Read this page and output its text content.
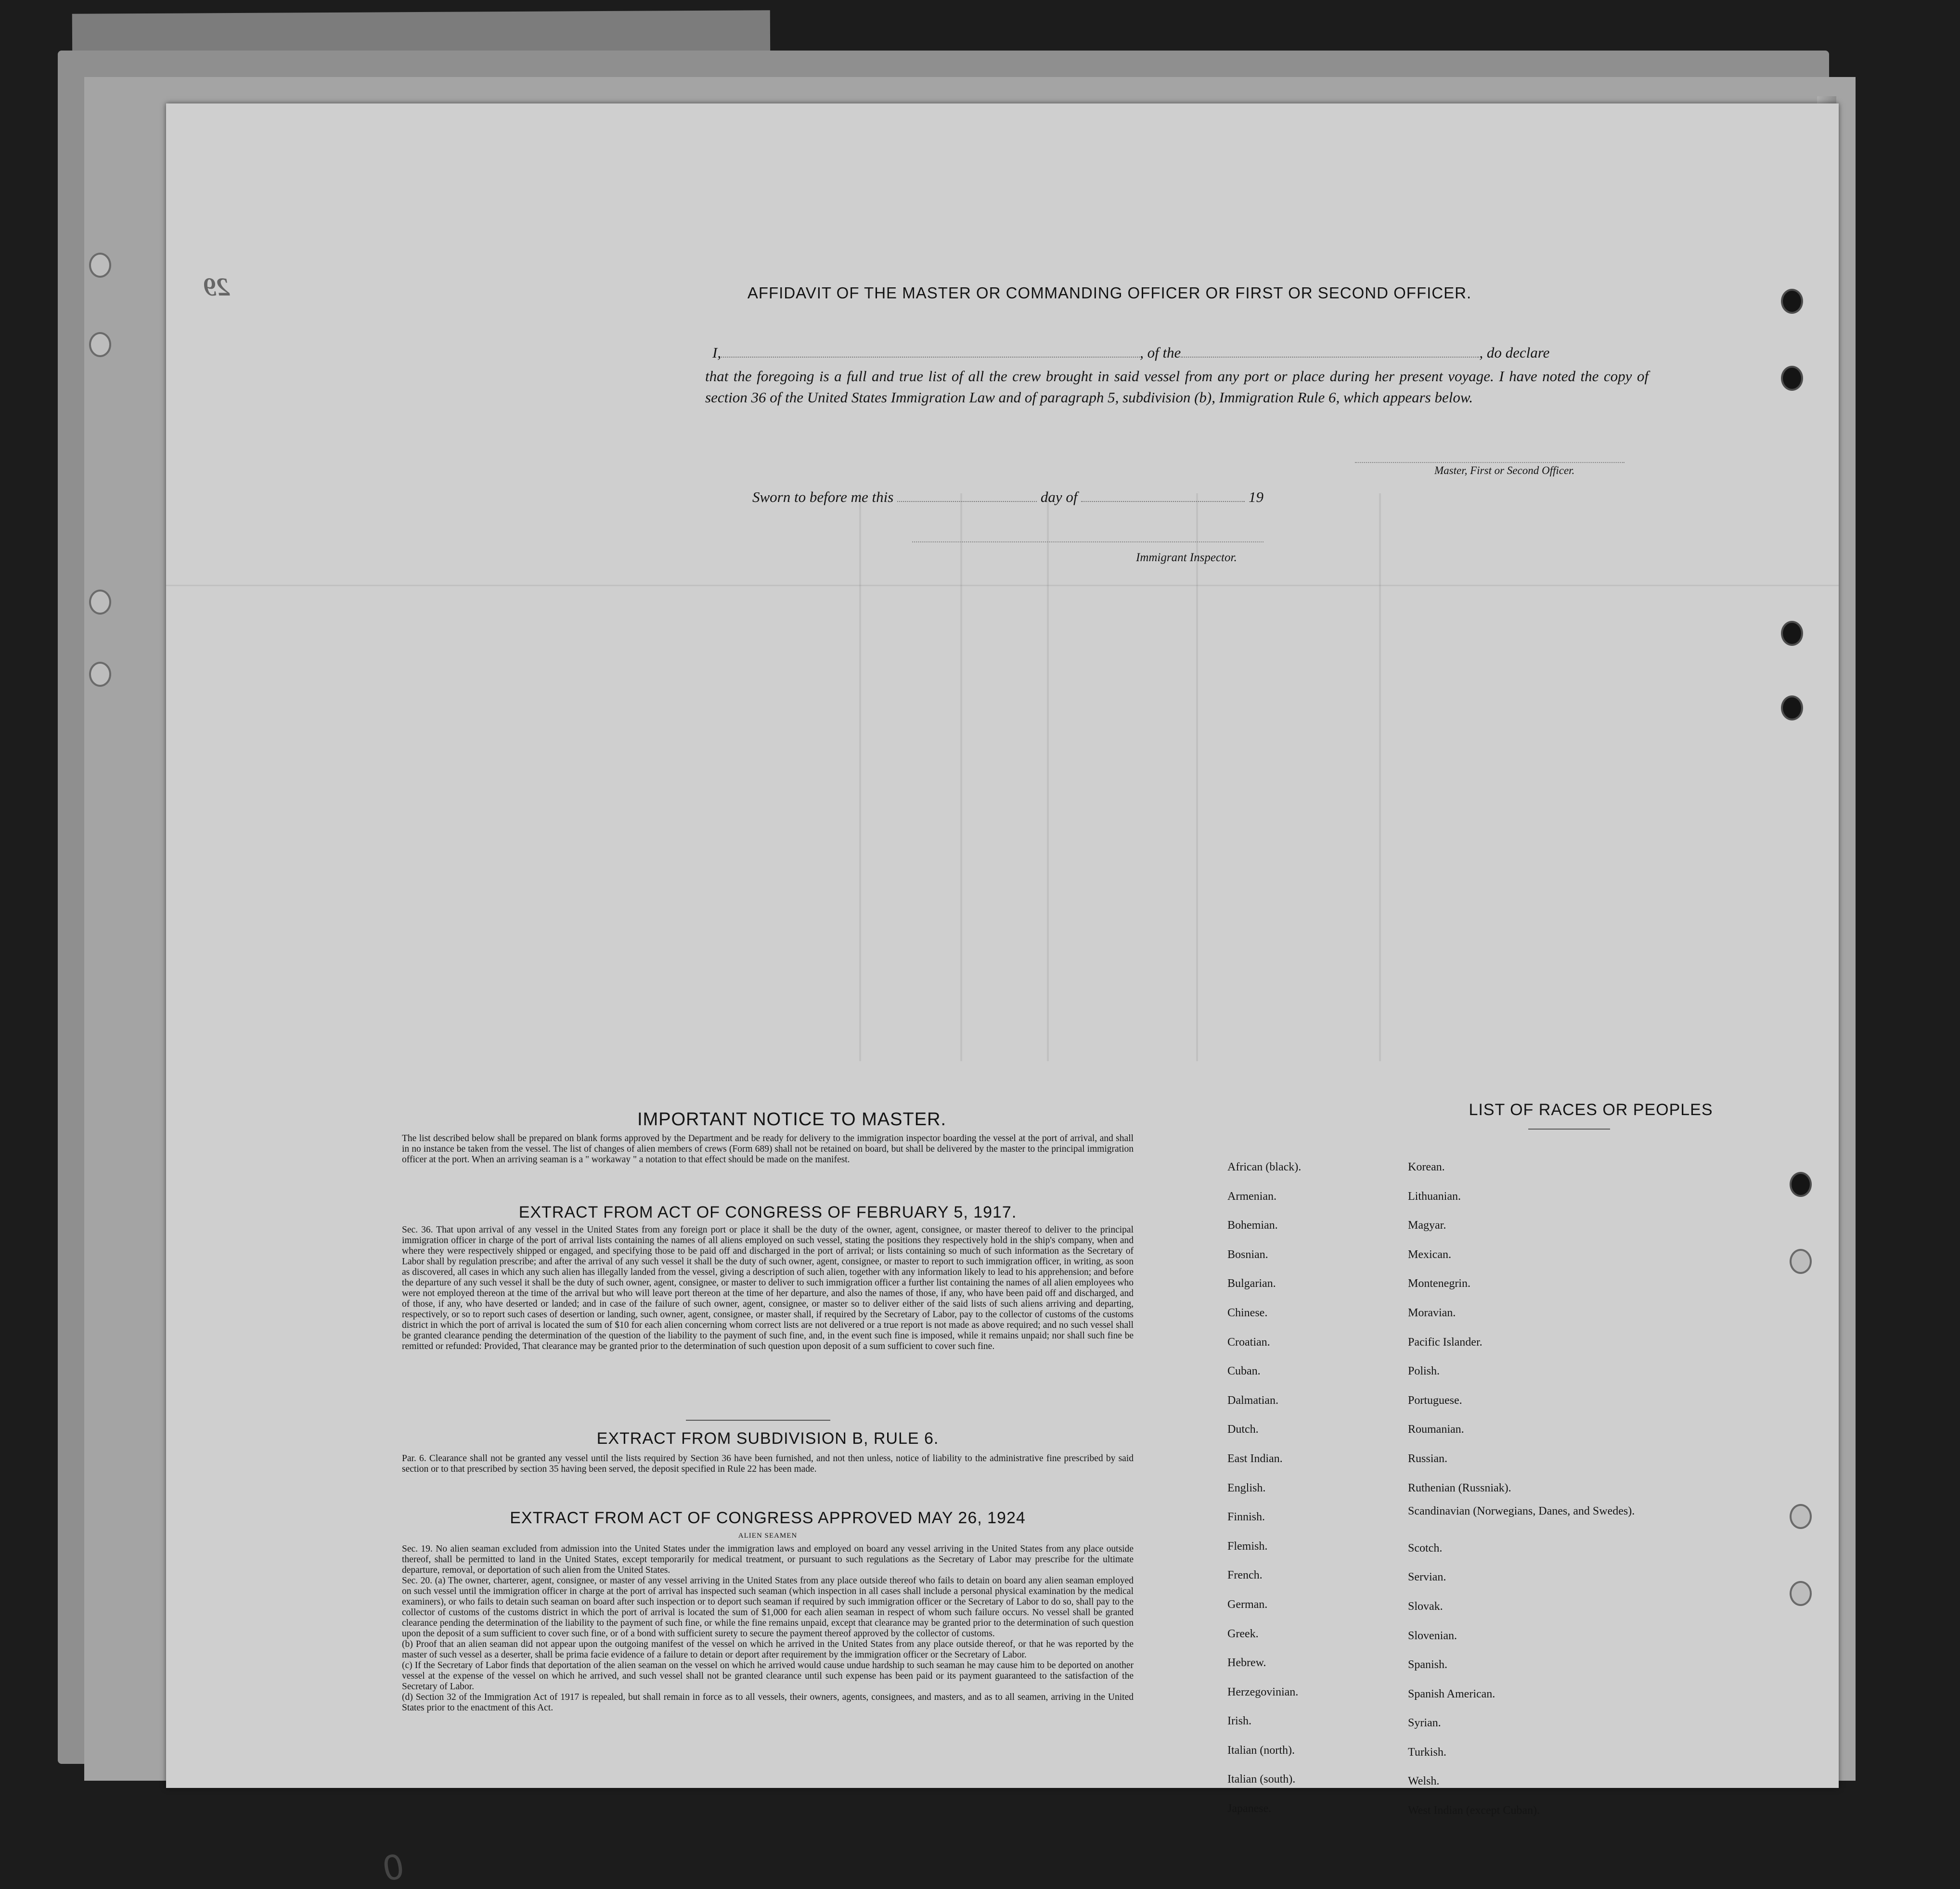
29	AFFIDAVIT OF THE MASTER OR COMMANDING OFFICER OR FIRST OR SECOND OFFICER.
I,	, of the	, do declare
that the foregoing is a full and true list of all the crew brought in said vessel from any port or place during her present voyage. I have noted the copy of section 36 of the United States Immigration Law and of paragraph 5, subdivision (b), Immigration Rule 6, which appears below.
Master, First or Second Officer.
Sworn to before me this	day of	19
Immigrant Inspector.
IMPORTANT NOTICE TO MASTER.
The list described below shall be prepared on blank forms approved by the Department and be ready for delivery to the immigration inspector boarding the vessel at the port of arrival, and shall in no instance be taken from the vessel. The list of changes of alien members of crews (Form 689) shall not be retained on board, but shall be delivered by the master to the principal immigration officer at the port. When an arriving seaman is a " workaway " a notation to that effect should be made on the manifest.
EXTRACT FROM ACT OF CONGRESS OF FEBRUARY 5, 1917.
Sec. 36. That upon arrival of any vessel in the United States from any foreign port or place it shall be the duty of the owner, agent, consignee, or master thereof to deliver to the principal immigration officer in charge of the port of arrival lists containing the names of all aliens employed on such vessel, stating the positions they respectively hold in the ship's company, when and where they were respectively shipped or engaged, and specifying those to be paid off and discharged in the port of arrival; or lists containing so much of such information as the Secretary of Labor shall by regulation prescribe; and after the arrival of any such vessel it shall be the duty of such owner, agent, consignee, or master to report to such immigration officer, in writing, as soon as discovered, all cases in which any such alien has illegally landed from the vessel, giving a description of such alien, together with any information likely to lead to his apprehension; and before the departure of any such vessel it shall be the duty of such owner, agent, consignee, or master to deliver to such immigration officer a further list containing the names of all alien employees who were not employed thereon at the time of the arrival but who will leave port thereon at the time of her departure, and also the names of those, if any, who have been paid off and discharged, and of those, if any, who have deserted or landed; and in case of the failure of such owner, agent, consignee, or master so to deliver either of the said lists of such aliens arriving and departing, respectively, or so to report such cases of desertion or landing, such owner, agent, consignee, or master shall, if required by the Secretary of Labor, pay to the collector of customs of the customs district in which the port of arrival is located the sum of $10 for each alien concerning whom correct lists are not delivered or a true report is not made as above required; and no such vessel shall be granted clearance pending the determination of the question of the liability to the payment of such fine, and, in the event such fine is imposed, while it remains unpaid; nor shall such fine be remitted or refunded: Provided, That clearance may be granted prior to the determination of such question upon deposit of a sum sufficient to cover such fine.
EXTRACT FROM SUBDIVISION B, RULE 6.
Par. 6. Clearance shall not be granted any vessel until the lists required by Section 36 have been furnished, and not then unless, notice of liability to the administrative fine prescribed by said section or to that prescribed by section 35 having been served, the deposit specified in Rule 22 has been made.
EXTRACT FROM ACT OF CONGRESS APPROVED MAY 26, 1924
ALIEN SEAMEN
Sec. 19. No alien seaman excluded from admission into the United States under the immigration laws and employed on board any vessel arriving in the United States from any place outside thereof, shall be permitted to land in the United States, except temporarily for medical treatment, or pursuant to such regulations as the Secretary of Labor may prescribe for the ultimate departure, removal, or deportation of such alien from the United States.
Sec. 20. (a) The owner, charterer, agent, consignee, or master of any vessel arriving in the United States from any place outside thereof who fails to detain on board any alien seaman employed on such vessel until the immigration officer in charge at the port of arrival has inspected such seaman (which inspection in all cases shall include a personal physical examination by the medical examiners), or who fails to detain such seaman on board after such inspection or to deport such seaman if required by such immigration officer or the Secretary of Labor to do so, shall pay to the collector of customs of the customs district in which the port of arrival is located the sum of $1,000 for each alien seaman in respect of whom such failure occurs. No vessel shall be granted clearance pending the determination of the liability to the payment of such fine, or while the fine remains unpaid, except that clearance may be granted prior to the determination of such question upon the deposit of a sum sufficient to cover such fine, or of a bond with sufficient surety to secure the payment thereof approved by the collector of customs.
(b) Proof that an alien seaman did not appear upon the outgoing manifest of the vessel on which he arrived in the United States from any place outside thereof, or that he was reported by the master of such vessel as a deserter, shall be prima facie evidence of a failure to detain or deport after requirement by the immigration officer or the Secretary of Labor.
(c) If the Secretary of Labor finds that deportation of the alien seaman on the vessel on which he arrived would cause undue hardship to such seaman he may cause him to be deported on another vessel at the expense of the vessel on which he arrived, and such vessel shall not be granted clearance until such expense has been paid or its payment guaranteed to the satisfaction of the Secretary of Labor.
(d) Section 32 of the Immigration Act of 1917 is repealed, but shall remain in force as to all vessels, their owners, agents, consignees, and masters, and as to all seamen, arriving in the United States prior to the enactment of this Act.
LIST OF RACES OR PEOPLES
African (black).
Armenian.
Bohemian.
Bosnian.
Bulgarian.
Chinese.
Croatian.
Cuban.
Dalmatian.
Dutch.
East Indian.
English.
Finnish.
Flemish.
French.
German.
Greek.
Hebrew.
Herzegovinian.
Irish.
Italian (north).
Italian (south).
Japanese.
Korean.
Lithuanian.
Magyar.
Mexican.
Montenegrin.
Moravian.
Pacific Islander.
Polish.
Portuguese.
Roumanian.
Russian.
Ruthenian (Russniak).
Scandinavian (Norwegians, Danes, and Swedes).
Scotch.
Servian.
Slovak.
Slovenian.
Spanish.
Spanish American.
Syrian.
Turkish.
Welsh.
West Indian (except Cuban).
0
